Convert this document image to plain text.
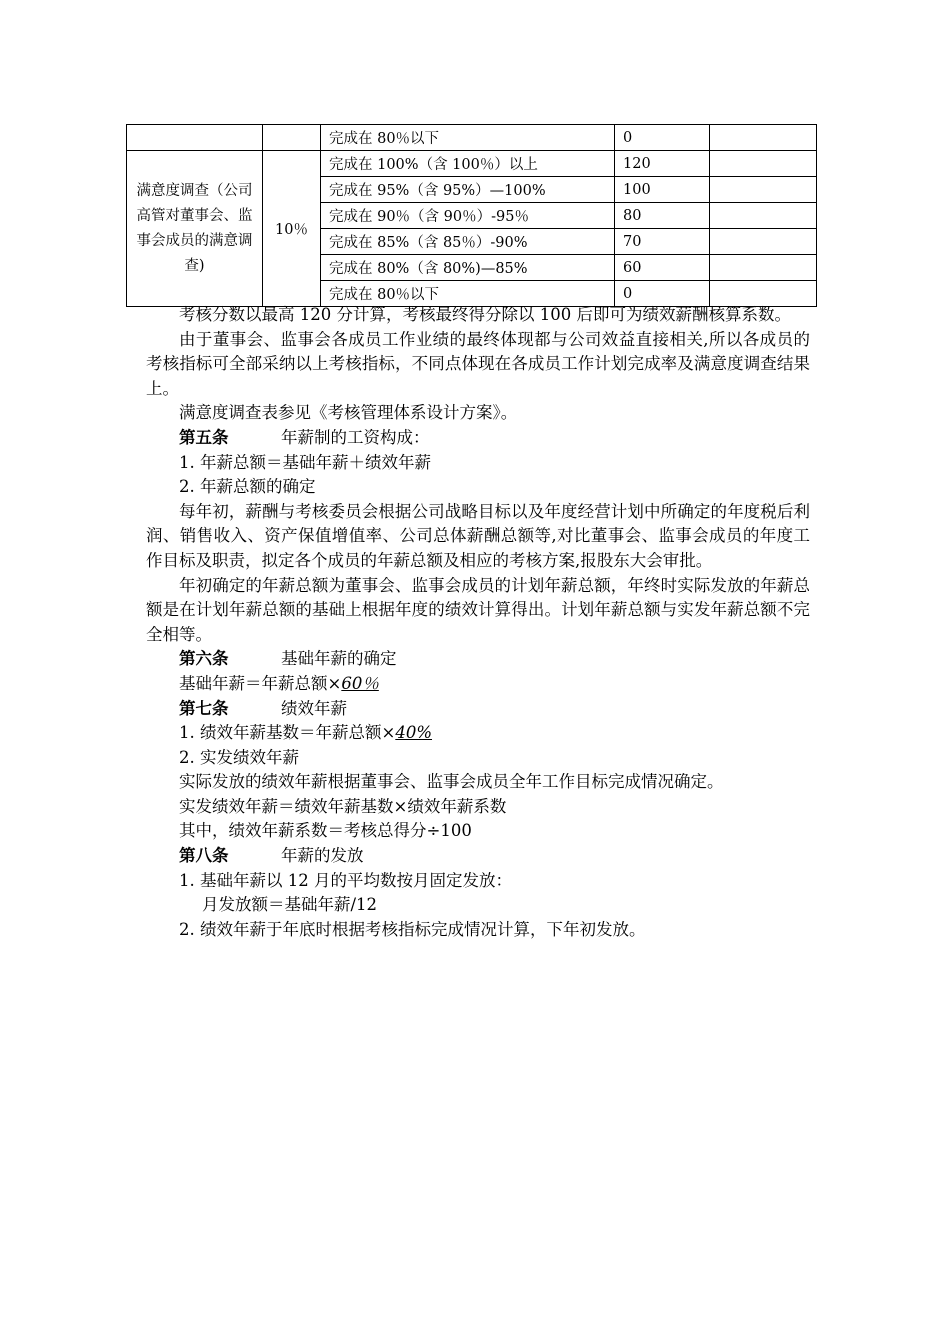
		完成在 80％以下	0	
满意度调查（公司高管对董事会、监事会成员的满意调查)	10％	完成在 100%（含 100％）以上	120	
		完成在 95%（含 95%）—100%	100	
		完成在 90％（含 90％）-95％	80	
		完成在 85%（含 85％）-90%	70	
		完成在 80%（含 80%)—85%	60	
		完成在 80％以下	0	

考核分数以最高 120 分计算，考核最终得分除以 100 后即可为绩效薪酬核算系数。

由于董事会、监事会各成员工作业绩的最终体现都与公司效益直接相关,所以各成员的考核指标可全部采纳以上考核指标，不同点体现在各成员工作计划完成率及满意度调查结果上。

满意度调查表参见《考核管理体系设计方案》。

第五条	年薪制的工资构成：

1. 年薪总额＝基础年薪＋绩效年薪

2. 年薪总额的确定

每年初，薪酬与考核委员会根据公司战略目标以及年度经营计划中所确定的年度税后利润、销售收入、资产保值增值率、公司总体薪酬总额等,对比董事会、监事会成员的年度工作目标及职责，拟定各个成员的年薪总额及相应的考核方案,报股东大会审批。

年初确定的年薪总额为董事会、监事会成员的计划年薪总额，年终时实际发放的年薪总额是在计划年薪总额的基础上根据年度的绩效计算得出。计划年薪总额与实发年薪总额不完全相等。

第六条	基础年薪的确定

基础年薪＝年薪总额×60％

第七条	绩效年薪

1. 绩效年薪基数＝年薪总额×40%

2. 实发绩效年薪

实际发放的绩效年薪根据董事会、监事会成员全年工作目标完成情况确定。

实发绩效年薪＝绩效年薪基数×绩效年薪系数

其中，绩效年薪系数＝考核总得分÷100

第八条	年薪的发放

1. 基础年薪以 12 月的平均数按月固定发放：

月发放额＝基础年薪/12

2. 绩效年薪于年底时根据考核指标完成情况计算，下年初发放。
